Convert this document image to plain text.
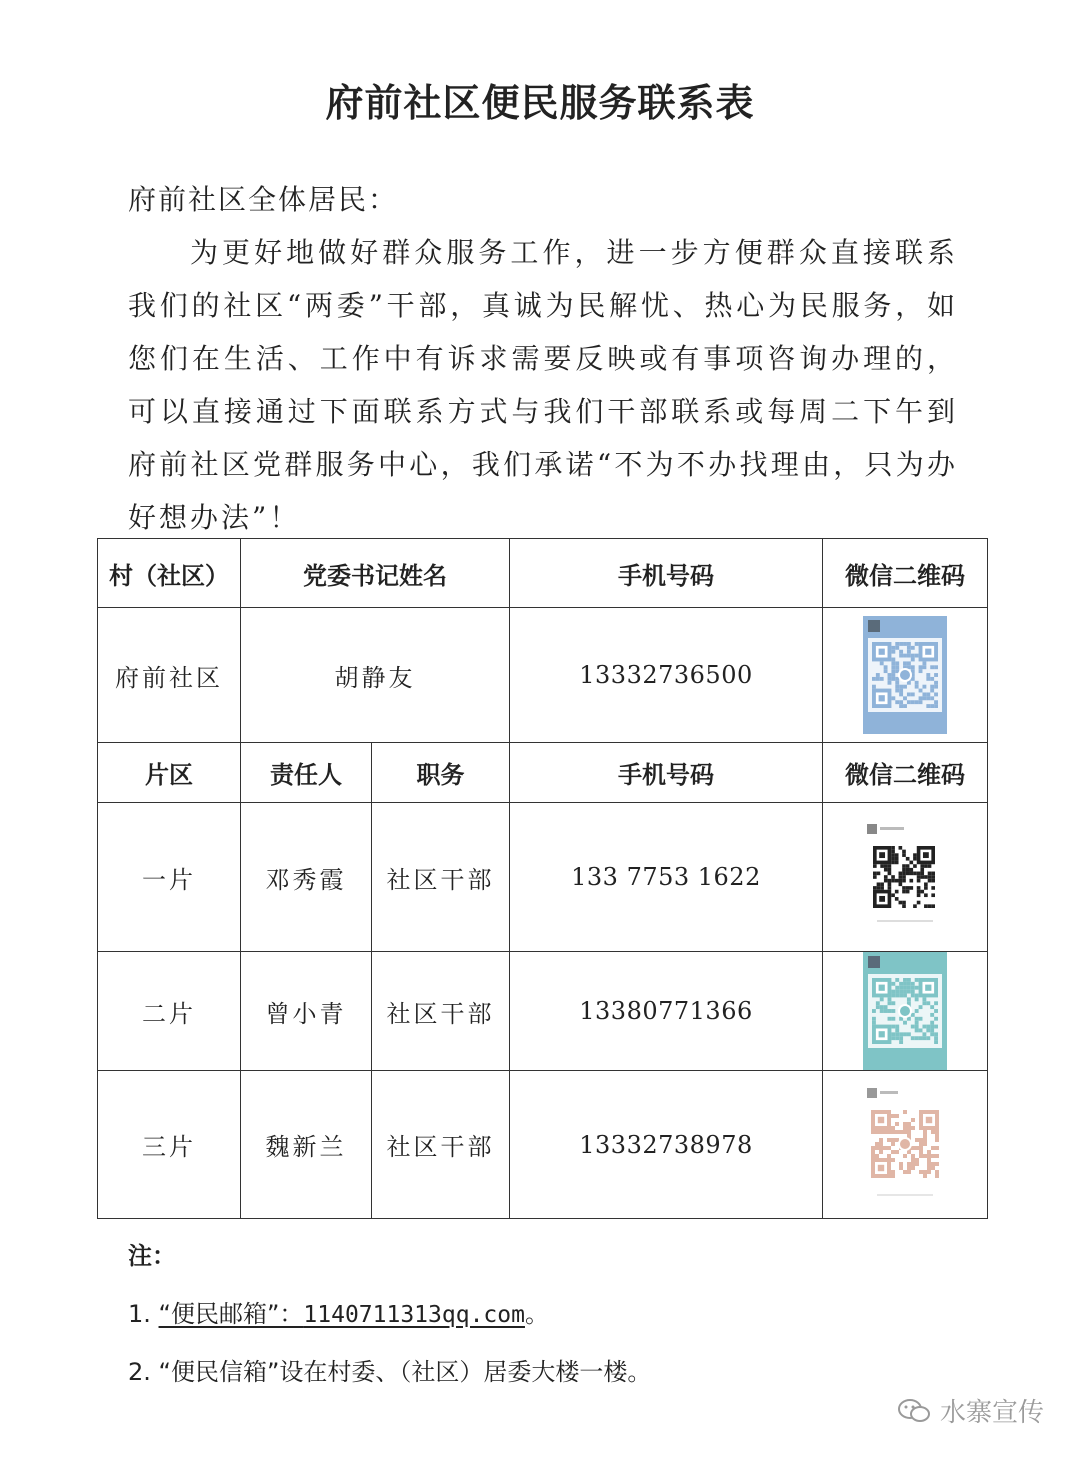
府前社区便民服务联系表
府前社区全体居民：
为更好地做好群众服务工作，进一步方便群众直接联系我们的社区“两委”干部，真诚为民解忧、热心为民服务，如您们在生活、工作中有诉求需要反映或有事项咨询办理的，可以直接通过下面联系方式与我们干部联系或每周二下午到府前社区党群服务中心，我们承诺“不为不办找理由，只为办好想办法”！
村（社区）	党委书记姓名		手机号码	微信二维码
府前社区	胡静友		13332736500	

片区	责任人	职务	手机号码	微信二维码
一片	邓秀霞	社区干部	133 7753 1622	

二片	曾小青	社区干部	13380771366	

三片	魏新兰	社区干部	13332738978	
注：
1. “便民邮箱”：1140711313qq.com。
2. “便民信箱”设在村委、（社区）居委大楼一楼。
水寨宣传
